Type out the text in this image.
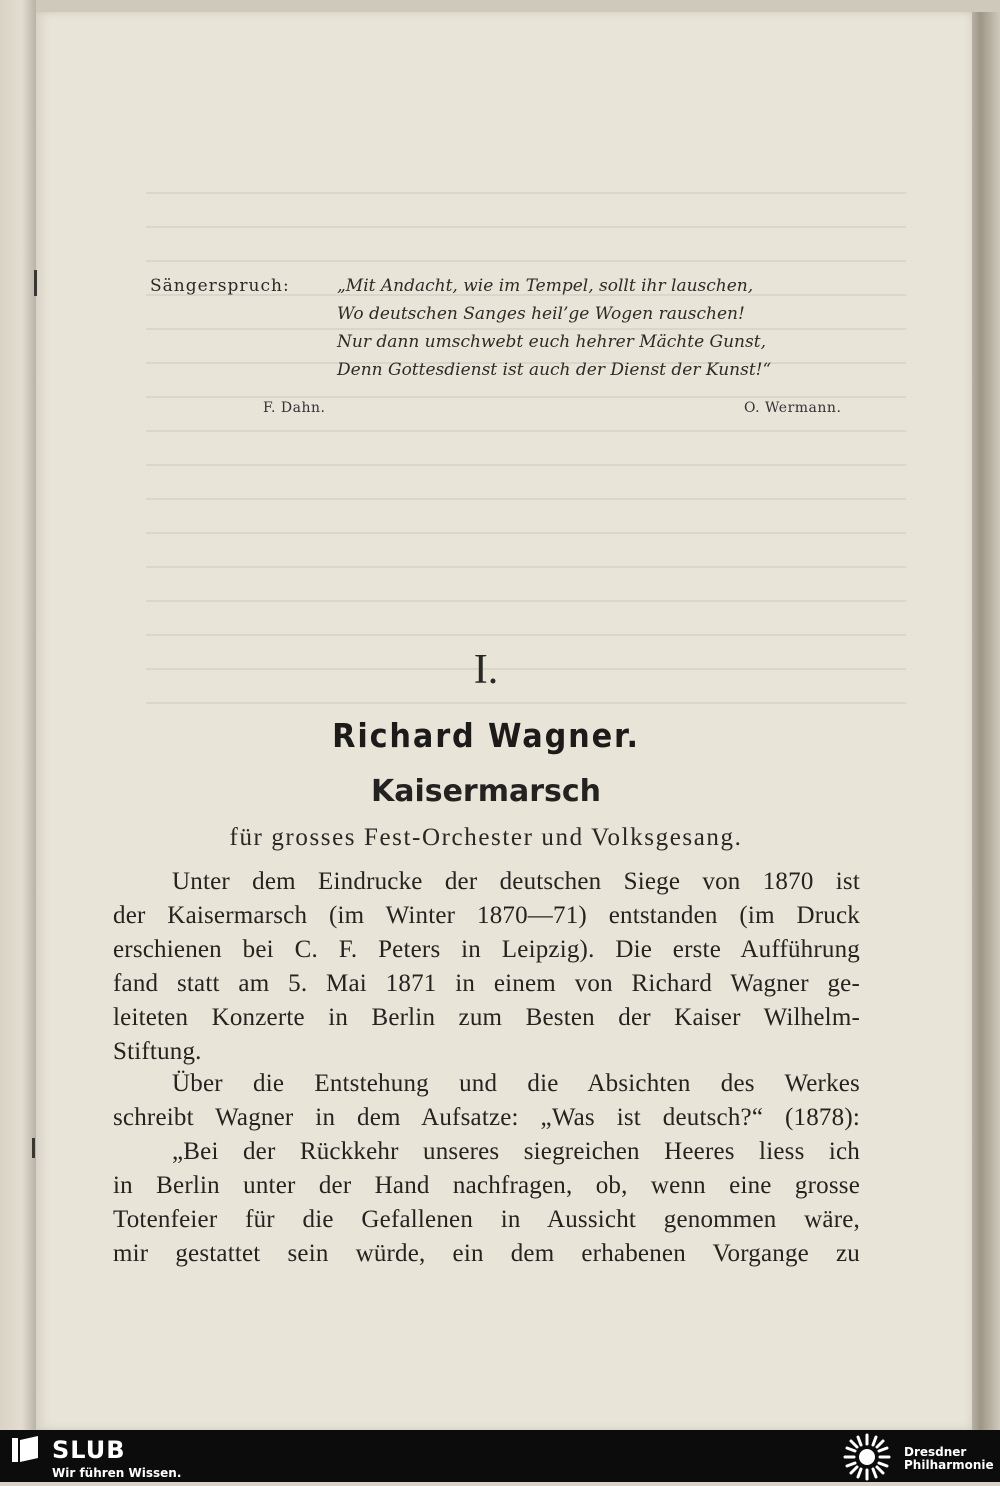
Sängerspruch:	„Mit Andacht, wie im Tempel, sollt ihr lauschen,
Wo deutschen Sanges heil’ge Wogen rauschen!
Nur dann umschwebt euch hehrer Mächte Gunst,
Denn Gottesdienst ist auch der Dienst der Kunst!“
F. Dahn.	O. Wermann.
I.
Richard Wagner.
Kaisermarsch
für grosses Fest-Orchester und Volksgesang.
Unter dem Eindrucke der deutschen Siege von 1870 ist
der Kaisermarsch (im Winter 1870—71) entstanden (im Druck
erschienen bei C. F. Peters in Leipzig). Die erste Aufführung
fand statt am 5. Mai 1871 in einem von Richard Wagner ge-
leiteten Konzerte in Berlin zum Besten der Kaiser Wilhelm-
Stiftung.
Über die Entstehung und die Absichten des Werkes
schreibt Wagner in dem Aufsatze: „Was ist deutsch?“ (1878):
„Bei der Rückkehr unseres siegreichen Heeres liess ich
in Berlin unter der Hand nachfragen, ob, wenn eine grosse
Totenfeier für die Gefallenen in Aussicht genommen wäre,
mir gestattet sein würde, ein dem erhabenen Vorgange zu
SLUB
Wir führen Wissen.
Dresdner
Philharmonie
